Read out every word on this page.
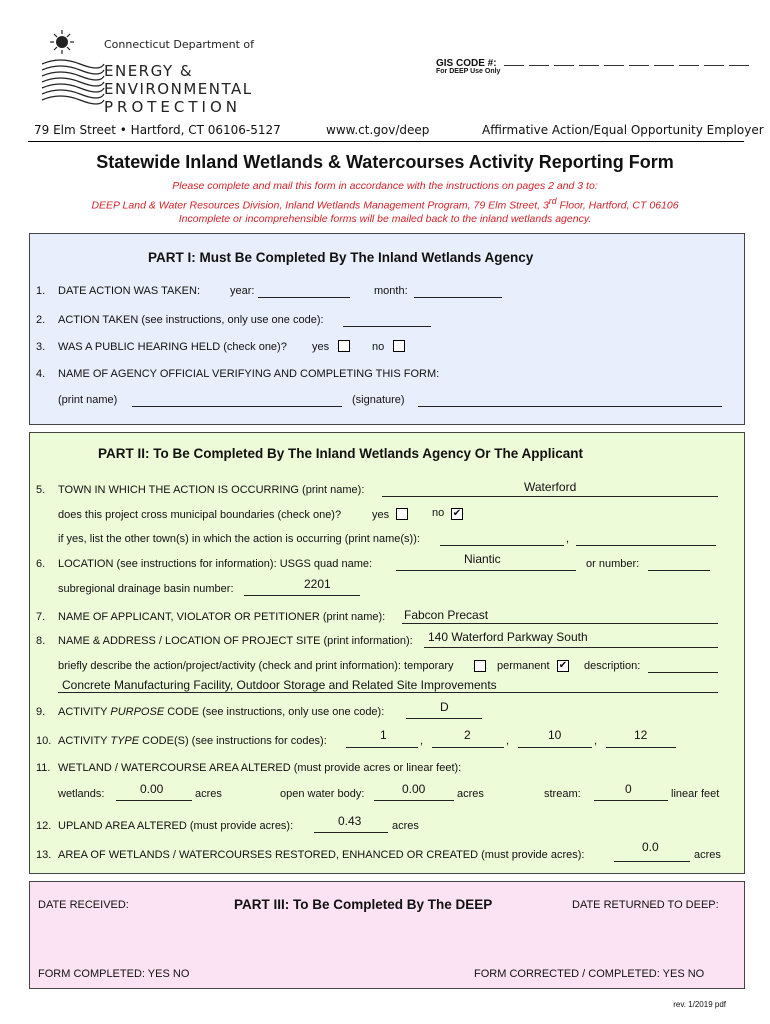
Connecticut Department of
ENERGY &
ENVIRONMENTAL
PROTECTION
GIS CODE #:
For DEEP Use Only
79 Elm Street • Hartford, CT 06106-5127	www.ct.gov/deep	Affirmative Action/Equal Opportunity Employer
Statewide Inland Wetlands & Watercourses Activity Reporting Form
Please complete and mail this form in accordance with the instructions on pages 2 and 3 to:
DEEP Land & Water Resources Division, Inland Wetlands Management Program, 79 Elm Street, 3rd Floor, Hartford, CT 06106
Incomplete or incomprehensible forms will be mailed back to the inland wetlands agency.
PART I: Must Be Completed By The Inland Wetlands Agency
1. DATE ACTION WAS TAKEN:	year:	month:
2. ACTION TAKEN (see instructions, only use one code):
3. WAS A PUBLIC HEARING HELD (check one)? yes	no
4. NAME OF AGENCY OFFICIAL VERIFYING AND COMPLETING THIS FORM:
(print name)	(signature)
PART II: To Be Completed By The Inland Wetlands Agency Or The Applicant
5. TOWN IN WHICH THE ACTION IS OCCURRING (print name):	Waterford
does this project cross municipal boundaries (check one)?	yes	no ✔
if yes, list the other town(s) in which the action is occurring (print name(s)):	,
6. LOCATION (see instructions for information): USGS quad name:	Niantic	or number:
subregional drainage basin number:	2201
7. NAME OF APPLICANT, VIOLATOR OR PETITIONER (print name): Fabcon Precast
8. NAME & ADDRESS / LOCATION OF PROJECT SITE (print information): 140 Waterford Parkway South
briefly describe the action/project/activity (check and print information): temporary	permanent ✔ description:
Concrete Manufacturing Facility, Outdoor Storage and Related Site Improvements
9. ACTIVITY PURPOSE CODE (see instructions, only use one code):	D
10. ACTIVITY TYPE CODE(S) (see instructions for codes):	1	,	2	,	10	,	12
11. WETLAND / WATERCOURSE AREA ALTERED (must provide acres or linear feet):
wetlands:	0.00	acres	open water body:	0.00	acres	stream:	0	linear feet
12. UPLAND AREA ALTERED (must provide acres):	0.43	acres
13. AREA OF WETLANDS / WATERCOURSES RESTORED, ENHANCED OR CREATED (must provide acres):
0.0
acres
PART III: To Be Completed By The DEEP
DATE RECEIVED:	DATE RETURNED TO DEEP:
FORM COMPLETED: YES NO	FORM CORRECTED / COMPLETED: YES NO
rev. 1/2019 pdf
